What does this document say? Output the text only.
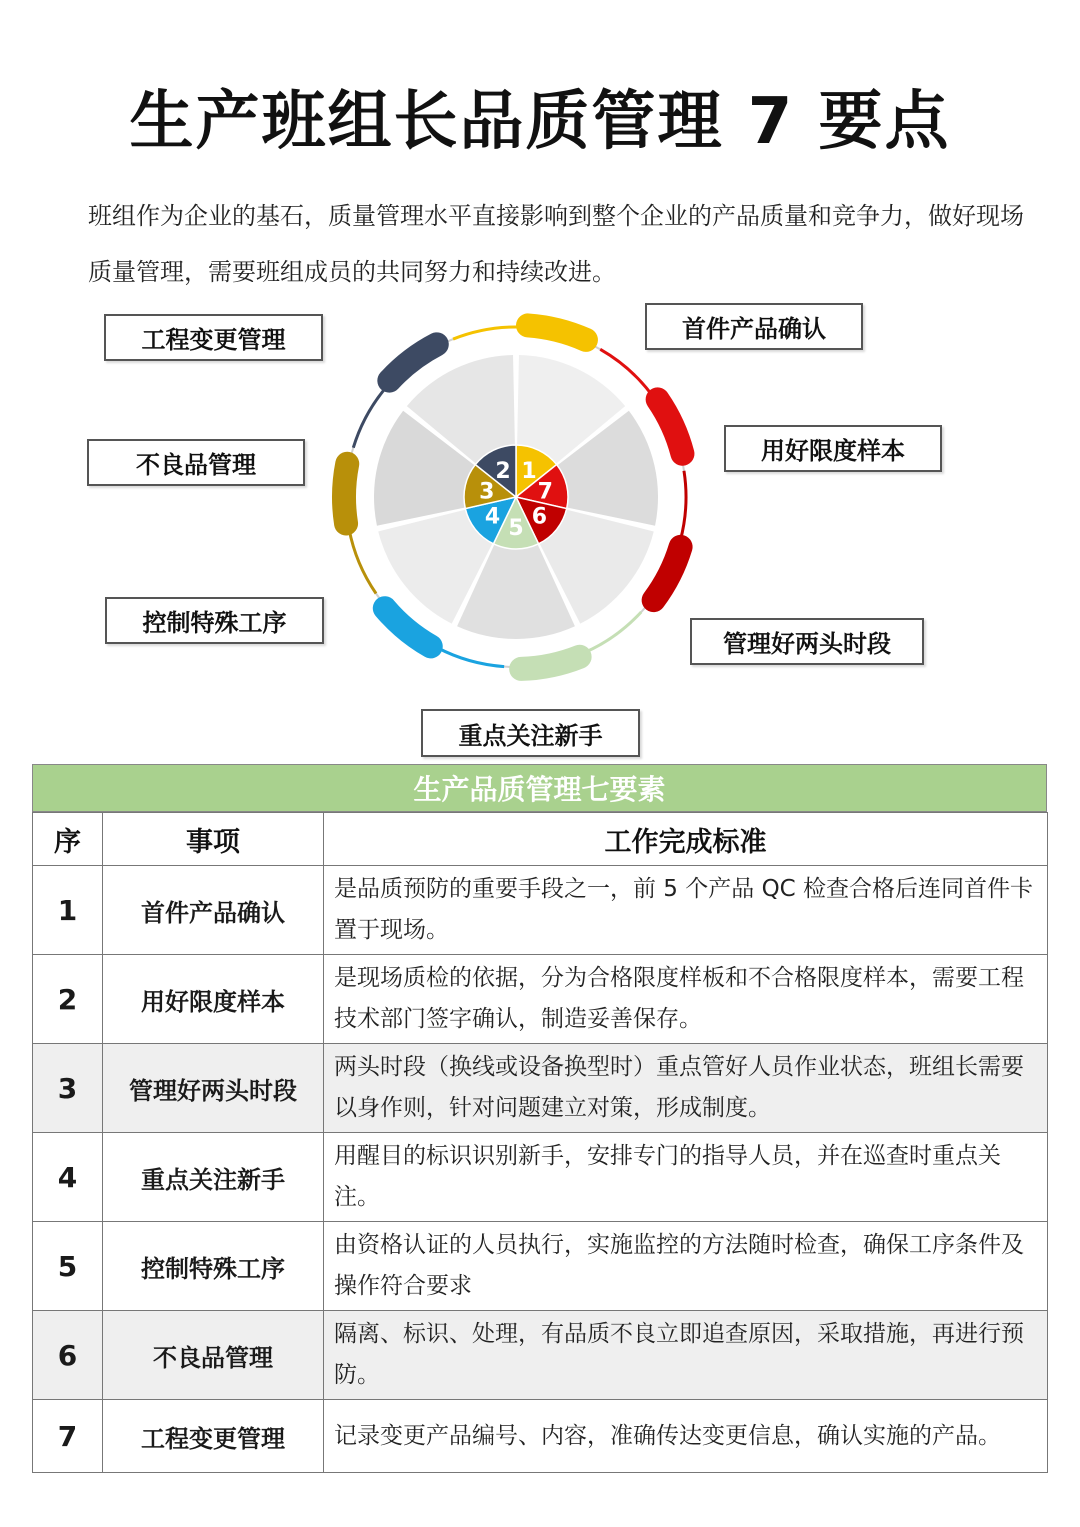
生产班组长品质管理 7 要点
班组作为企业的基石，质量管理水平直接影响到整个企业的产品质量和竞争力，做好现场质量管理，需要班组成员的共同努力和持续改进。
1
7
6
5
4
3
2
工程变更管理	首件产品确认
不良品管理	用好限度样本
控制特殊工序
管理好两头时段
重点关注新手
生产品质管理七要素
序	事项	工作完成标准
1	首件产品确认	是品质预防的重要手段之一，前 5 个产品 QC 检查合格后连同首件卡置于现场。
2	用好限度样本	是现场质检的依据，分为合格限度样板和不合格限度样本，需要工程技术部门签字确认，制造妥善保存。
3	管理好两头时段	两头时段（换线或设备换型时）重点管好人员作业状态，班组长需要以身作则，针对问题建立对策，形成制度。
4	重点关注新手	用醒目的标识识别新手，安排专门的指导人员，并在巡查时重点关注。
5	控制特殊工序	由资格认证的人员执行，实施监控的方法随时检查，确保工序条件及操作符合要求
6	不良品管理	隔离、标识、处理，有品质不良立即追查原因，采取措施，再进行预防。
7	工程变更管理	记录变更产品编号、内容，准确传达变更信息，确认实施的产品。
